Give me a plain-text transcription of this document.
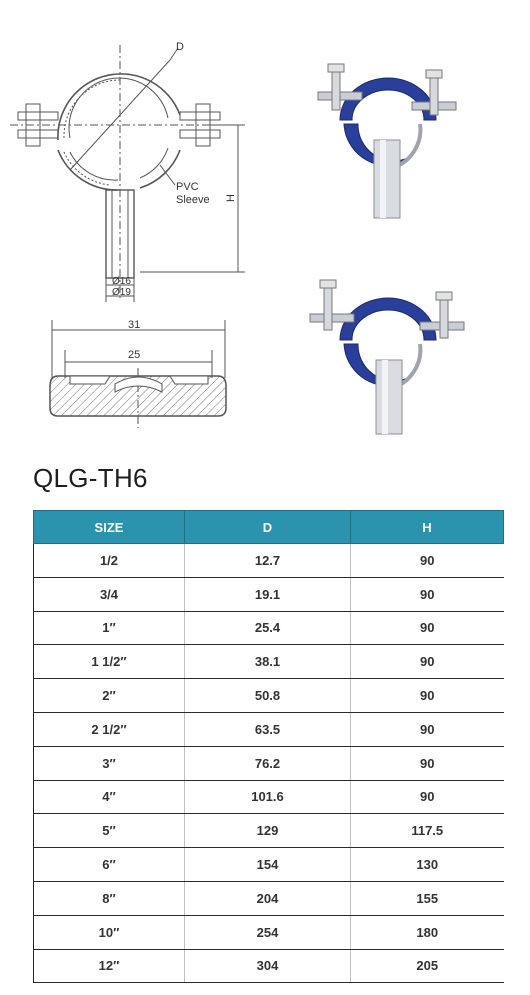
D
PVC
Sleeve H
Ø16
Ø19
31
25
QLG-TH6
SIZE	D	H
1/2	12.7	90
3/4	19.1	90
1″	25.4	90
1 1/2″	38.1	90
2″	50.8	90
2 1/2″	63.5	90
3″	76.2	90
4″	101.6	90
5″	129	117.5
6″	154	130
8″	204	155
10″	254	180
12″	304	205
